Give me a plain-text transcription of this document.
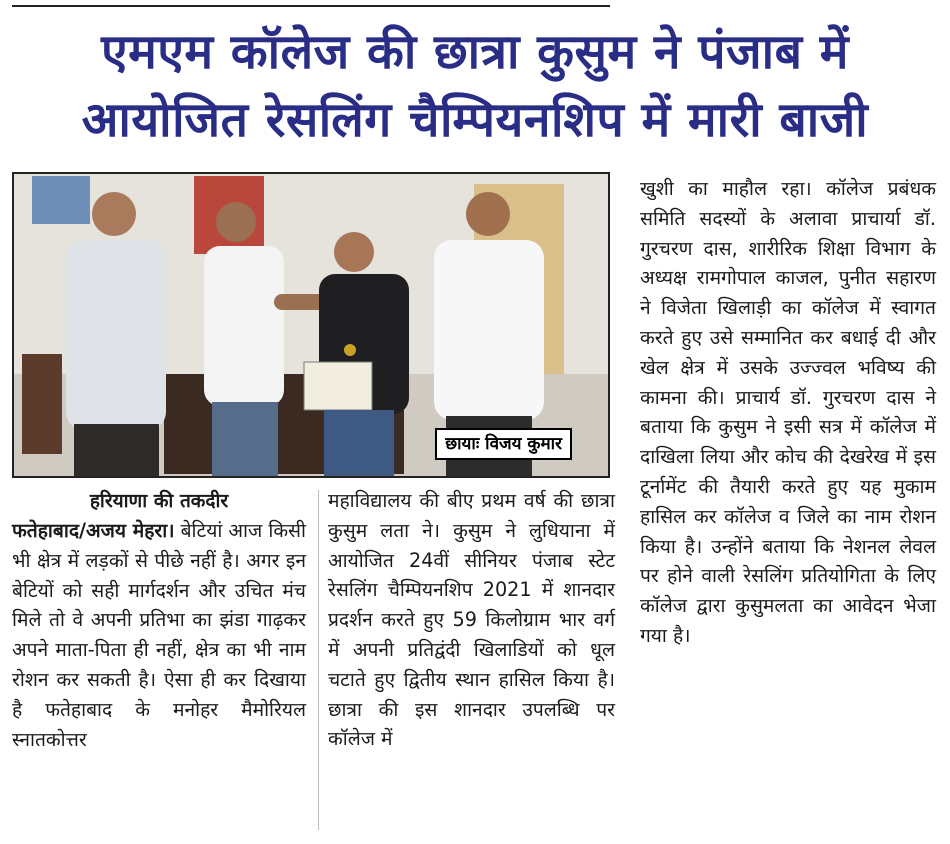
एमएम कॉलेज की छात्रा कुसुम ने पंजाब में
आयोजित रेसलिंग चैम्पियनशिप में मारी बाजी
छायाः विजय कुमार

हरियाणा की तकदीर

फतेहाबाद/अजय मेहरा। बेटियां आज किसी भी क्षेत्र में लड़कों से पीछे नहीं है। अगर इन बेटियों को सही मार्गदर्शन और उचित मंच मिले तो वे अपनी प्रतिभा का झंडा गाढ़कर अपने माता-पिता ही नहीं, क्षेत्र का भी नाम रोशन कर सकती है। ऐसा ही कर दिखाया है फतेहाबाद के मनोहर मैमोरियल स्नातकोत्तर

महाविद्यालय की बीए प्रथम वर्ष की छात्रा कुसुम लता ने। कुसुम ने लुधियाना में आयोजित 24वीं सीनियर पंजाब स्टेट रेसलिंग चैम्पियनशिप 2021 में शानदार प्रदर्शन करते हुए 59 किलोग्राम भार वर्ग में अपनी प्रतिद्वंदी खिलाडियों को धूल चटाते हुए द्वितीय स्थान हासिल किया है। छात्रा की इस शानदार उपलब्धि पर कॉलेज में

खुशी का माहौल रहा। कॉलेज प्रबंधक समिति सदस्यों के अलावा प्राचार्या डॉ. गुरचरण दास, शारीरिक शिक्षा विभाग के अध्यक्ष रामगोपाल काजल, पुनीत सहारण ने विजेता खिलाड़ी का कॉलेज में स्वागत करते हुए उसे सम्मानित कर बधाई दी और खेल क्षेत्र में उसके उज्ज्वल भविष्य की कामना की। प्राचार्य डॉ. गुरचरण दास ने बताया कि कुसुम ने इसी सत्र में कॉलेज में दाखिला लिया और कोच की देखरेख में इस टूर्नामेंट की तैयारी करते हुए यह मुकाम हासिल कर कॉलेज व जिले का नाम रोशन किया है। उन्होंने बताया कि नेशनल लेवल पर होने वाली रेसलिंग प्रतियोगिता के लिए कॉलेज द्वारा कुसुमलता का आवेदन भेजा गया है।
